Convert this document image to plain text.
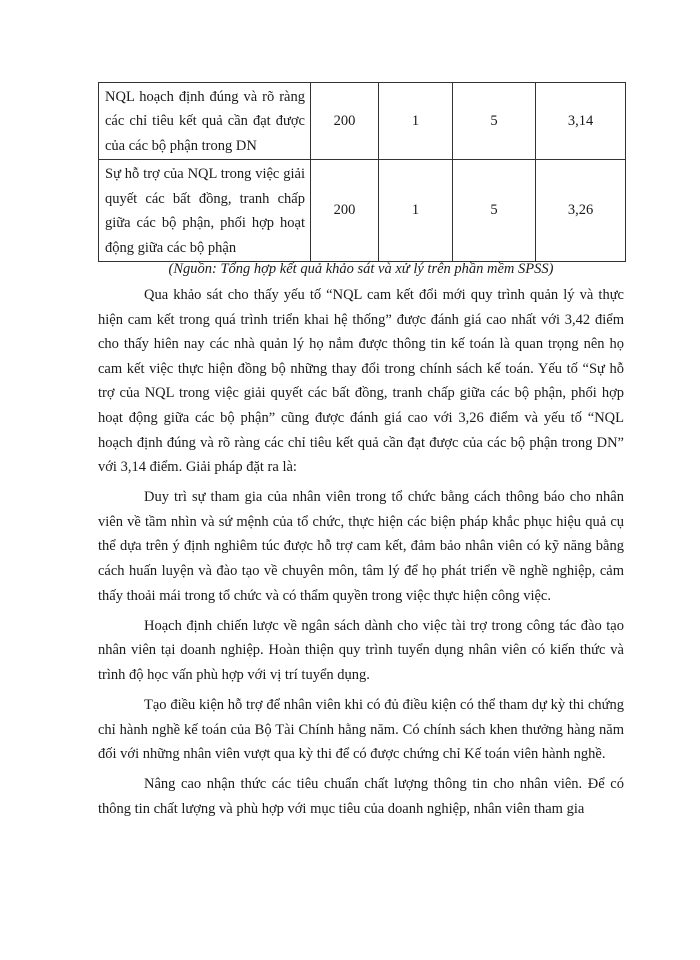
NQL hoạch định đúng và rõ ràng các chỉ tiêu kết quả cần đạt được của các bộ phận trong DN	200	1	5	3,14
Sự hỗ trợ của NQL trong việc giải quyết các bất đồng, tranh chấp giữa các bộ phận, phối hợp hoạt động giữa các bộ phận	200	1	5	3,26
(Nguồn: Tổng hợp kết quả khảo sát và xử lý trên phần mềm SPSS)

Qua khảo sát cho thấy yếu tố “NQL cam kết đổi mới quy trình quản lý và thực hiện cam kết trong quá trình triển khai hệ thống” được đánh giá cao nhất với 3,42 điểm cho thấy hiên nay các nhà quản lý họ nắm được thông tin kế toán là quan trọng nên họ cam kết việc thực hiện đồng bộ những thay đổi trong chính sách kế toán. Yếu tố “Sự hỗ trợ của NQL trong việc giải quyết các bất đồng, tranh chấp giữa các bộ phận, phối hợp hoạt động giữa các bộ phận” cũng được đánh giá cao với 3,26 điểm và yếu tố “NQL hoạch định đúng và rõ ràng các chỉ tiêu kết quả cần đạt được của các bộ phận trong DN” với 3,14 điểm. Giải pháp đặt ra là:

Duy trì sự tham gia của nhân viên trong tổ chức bằng cách thông báo cho nhân viên về tầm nhìn và sứ mệnh của tổ chức, thực hiện các biện pháp khắc phục hiệu quả cụ thể dựa trên ý định nghiêm túc được hỗ trợ cam kết, đảm bảo nhân viên có kỹ năng bằng cách huấn luyện và đào tạo về chuyên môn, tâm lý để họ phát triển về nghề nghiệp, cảm thấy thoải mái trong tổ chức và có thẩm quyền trong việc thực hiện công việc.

Hoạch định chiến lược về ngân sách dành cho việc tài trợ trong công tác đào tạo nhân viên tại doanh nghiệp. Hoàn thiện quy trình tuyển dụng nhân viên có kiến thức và trình độ học vấn phù hợp với vị trí tuyển dụng.

Tạo điều kiện hỗ trợ để nhân viên khi có đủ điều kiện có thể tham dự kỳ thi chứng chỉ hành nghề kế toán của Bộ Tài Chính hằng năm. Có chính sách khen thưởng hàng năm đối với những nhân viên vượt qua kỳ thi để có được chứng chỉ Kế toán viên hành nghề.

Nâng cao nhận thức các tiêu chuẩn chất lượng thông tin cho nhân viên. Để có thông tin chất lượng và phù hợp với mục tiêu của doanh nghiệp, nhân viên tham gia
